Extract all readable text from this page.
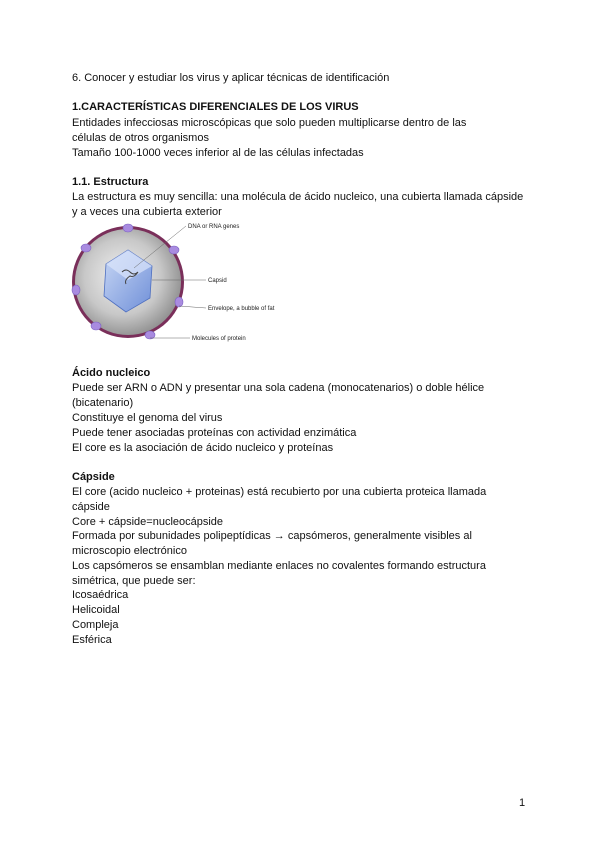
6. Conocer y estudiar los virus y aplicar técnicas de identificación
1.CARACTERÍSTICAS DIFERENCIALES DE LOS VIRUS
Entidades infecciosas microscópicas que solo pueden multiplicarse dentro de las
células de otros organismos
Tamaño 100-1000 veces inferior al de las células infectadas
1.1. Estructura
La estructura es muy sencilla: una molécula de ácido nucleico, una cubierta llamada cápside
y a veces una cubierta exterior
DNA or RNA genes
Capsid
Envelope, a bubble of fat
Molecules of protein
Ácido nucleico
Puede ser ARN o ADN y presentar una sola cadena (monocatenarios) o doble hélice
(bicatenario)
Constituye el genoma del virus
Puede tener asociadas proteínas con actividad enzimática
El core es la asociación de ácido nucleico y proteínas
Cápside
El core (acido nucleico + proteinas) está recubierto por una cubierta proteica llamada
cápside
Core + cápside=nucleocápside
Formada por subunidades polipeptídicas → capsómeros, generalmente visibles al
microscopio electrónico
Los capsómeros se ensamblan mediante enlaces no covalentes formando estructura
simétrica, que puede ser:
Icosaédrica
Helicoidal
Compleja
Esférica
1
